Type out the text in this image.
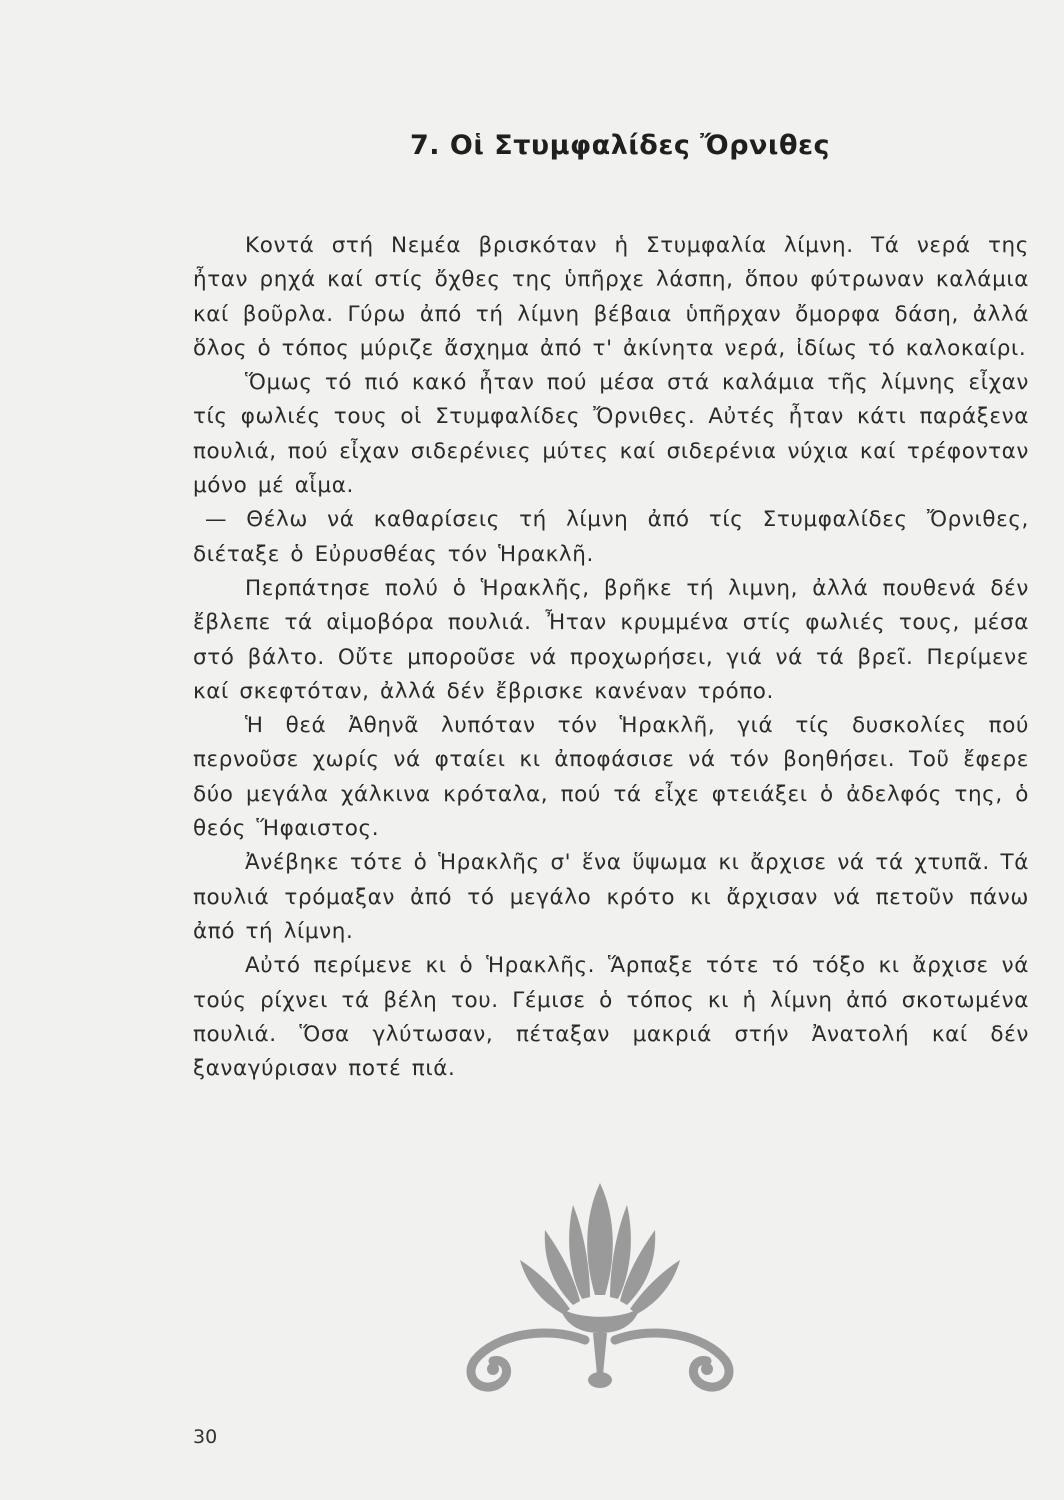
7. Οἱ Στυμφαλίδες Ὄρνιθες

Κοντά στή Νεμέα βρισκόταν ἡ Στυμφαλία λίμνη. Τά νερά της ἦταν ρηχά καί στίς ὄχθες της ὑπῆρχε λάσπη, ὅπου φύτρωναν καλάμια καί βοῦρλα. Γύρω ἀπό τή λίμνη βέβαια ὑπῆρχαν ὄμορφα δάση, ἀλλά ὅλος ὁ τόπος μύριζε ἄσχημα ἀπό τ' ἀκίνητα νερά, ἰδίως τό καλοκαίρι.

Ὅμως τό πιό κακό ἦταν πού μέσα στά καλάμια τῆς λίμνης εἶχαν τίς φωλιές τους οἱ Στυμφαλίδες Ὄρνιθες. Αὐτές ἦταν κάτι παράξενα πουλιά, πού εἶχαν σιδερένιες μύτες καί σιδερένια νύχια καί τρέφονταν μόνο μέ αἷμα.

— Θέλω νά καθαρίσεις τή λίμνη ἀπό τίς Στυμφαλίδες Ὄρνιθες, διέταξε ὁ Εὐρυσθέας τόν Ἡρακλῆ.

Περπάτησε πολύ ὁ Ἡρακλῆς, βρῆκε τή λιμνη, ἀλλά πουθενά δέν ἔβλεπε τά αἱμοβόρα πουλιά. Ἦταν κρυμμένα στίς φωλιές τους, μέσα στό βάλτο. Οὔτε μποροῦσε νά προχωρήσει, γιά νά τά βρεῖ. Περίμενε καί σκεφτόταν, ἀλλά δέν ἔβρισκε κανέναν τρόπο.

Ἡ θεά Ἀθηνᾶ λυπόταν τόν Ἡρακλῆ, γιά τίς δυσκολίες πού περνοῦσε χωρίς νά φταίει κι ἀποφάσισε νά τόν βοηθήσει. Τοῦ ἔφερε δύο μεγάλα χάλκινα κρόταλα, πού τά εἶχε φτειάξει ὁ ἀδελφός της, ὁ θεός Ἥφαιστος.

Ἀνέβηκε τότε ὁ Ἡρακλῆς σ' ἕνα ὕψωμα κι ἄρχισε νά τά χτυπᾶ. Τά πουλιά τρόμαξαν ἀπό τό μεγάλο κρότο κι ἄρχισαν νά πετοῦν πάνω ἀπό τή λίμνη.

Αὐτό περίμενε κι ὁ Ἡρακλῆς. Ἅρπαξε τότε τό τόξο κι ἄρχισε νά τούς ρίχνει τά βέλη του. Γέμισε ὁ τόπος κι ἡ λίμνη ἀπό σκοτωμένα πουλιά. Ὅσα γλύτωσαν, πέταξαν μακριά στήν Ἀνατολή καί δέν ξαναγύρισαν ποτέ πιά.

30
